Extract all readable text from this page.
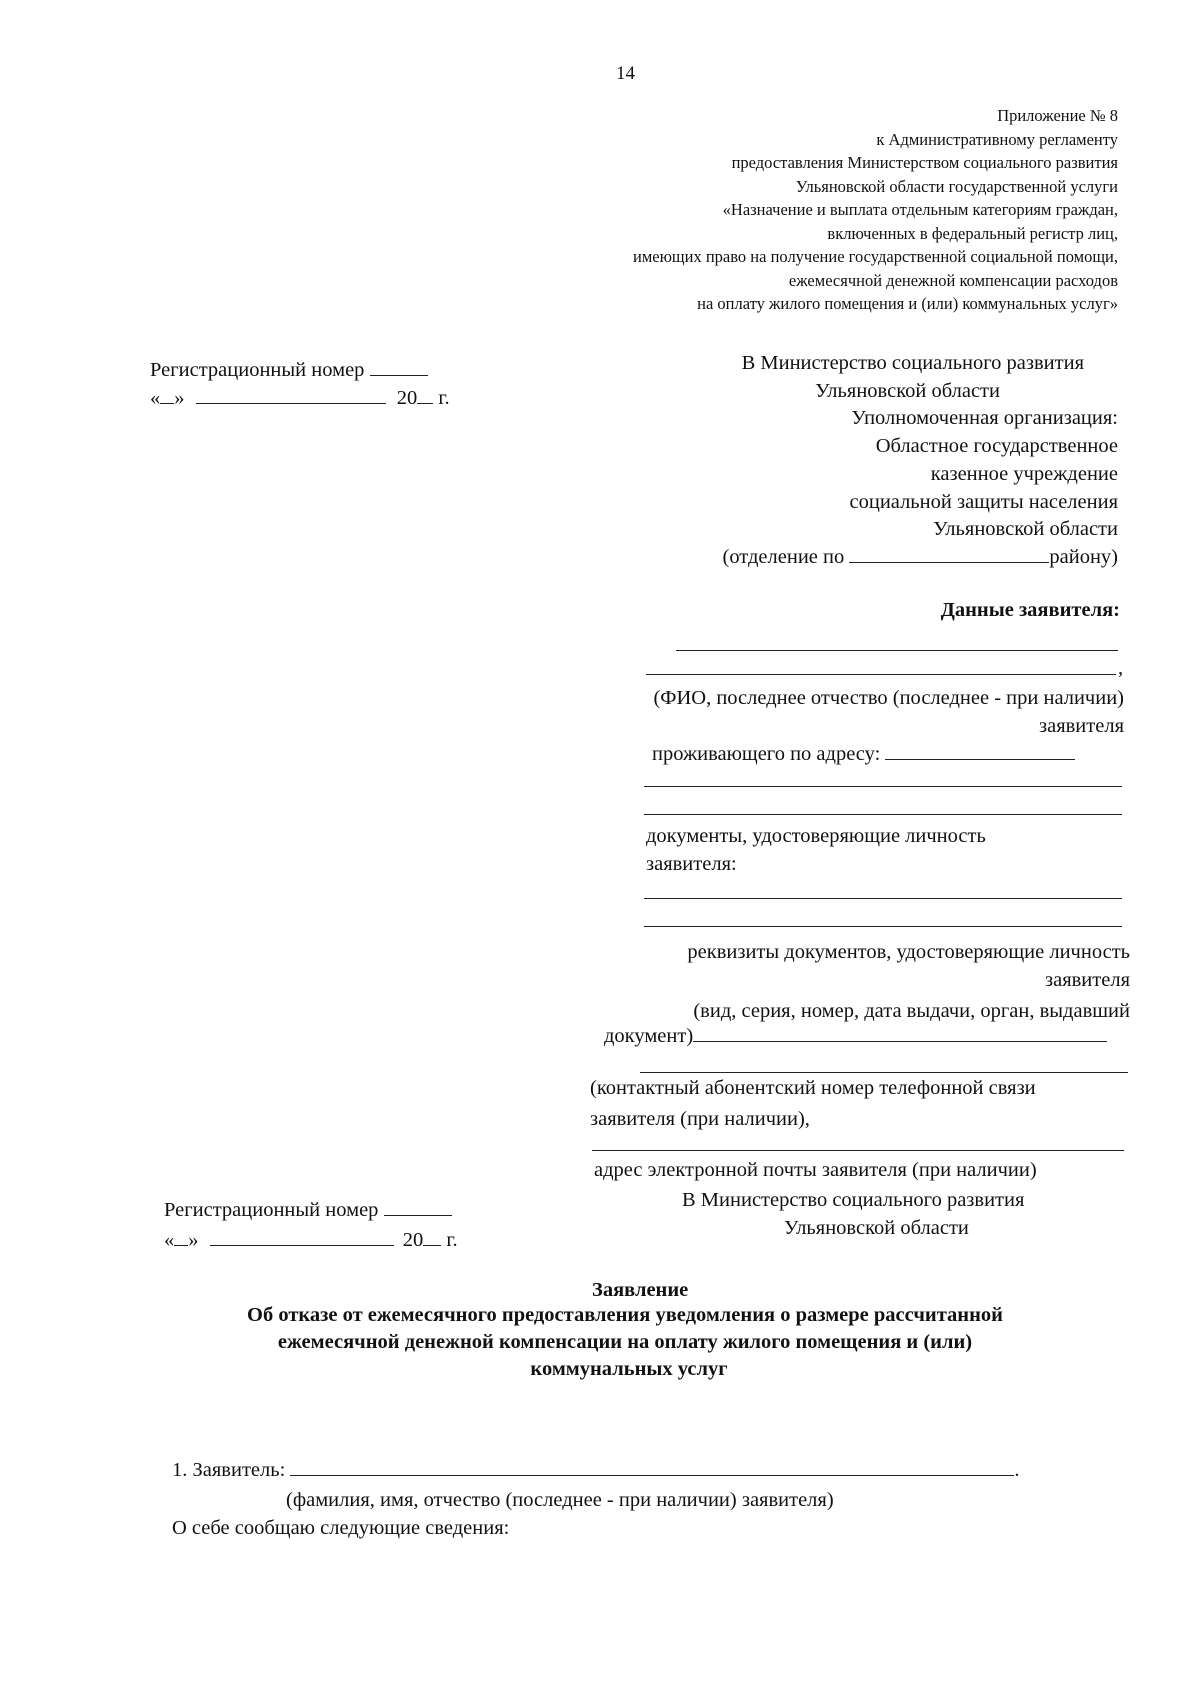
14
Приложение № 8
к Административному регламенту
предоставления Министерством социального развития
Ульяновской области государственной услуги
«Назначение и выплата отдельным категориям граждан,
включенных в федеральный регистр лиц,
имеющих право на получение государственной социальной помощи,
ежемесячной денежной компенсации расходов
на оплату жилого помещения и (или) коммунальных услуг»
Регистрационный номер
« »	20 г.
В Министерство социального развития
Ульяновской области
Уполномоченная организация:
Областное государственное
казенное учреждение
социальной защиты населения
Ульяновской области
(отделение по	району)
Данные заявителя:
,
(ФИО, последнее отчество (последнее - при наличии)
заявителя
проживающего по адресу:
документы, удостоверяющие личность
заявителя:
реквизиты документов, удостоверяющие личность
заявителя
(вид, серия, номер, дата выдачи, орган, выдавший
документ)
(контактный абонентский номер телефонной связи
заявителя (при наличии),
адрес электронной почты заявителя (при наличии)
Регистрационный номер
« »	20 г.
В Министерство социального развития
Ульяновской области
Заявление
Об отказе от ежемесячного предоставления уведомления о размере рассчитанной
ежемесячной денежной компенсации на оплату жилого помещения и (или)
коммунальных услуг
1. Заявитель:	.
(фамилия, имя, отчество (последнее - при наличии) заявителя)
О себе сообщаю следующие сведения:
